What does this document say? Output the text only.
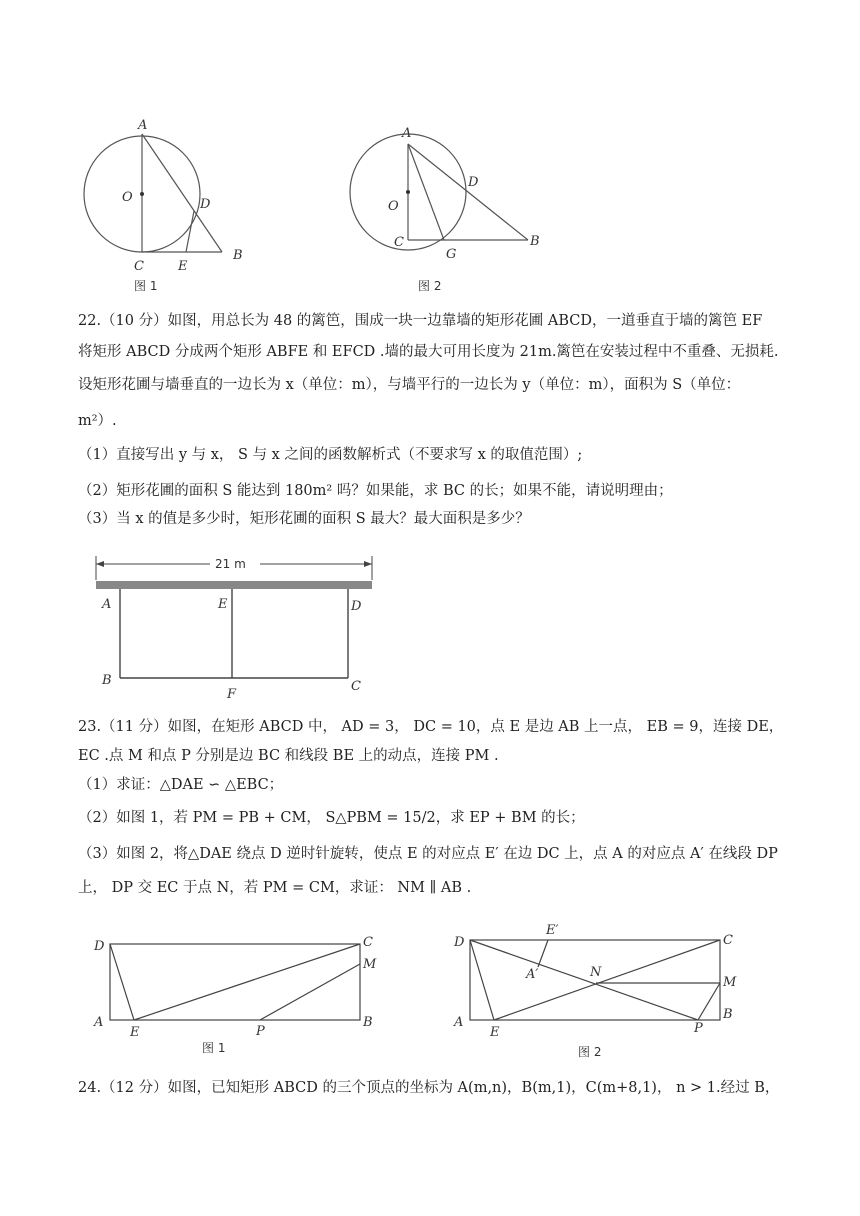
A
O	D
C	E
B
图 1
A
O
D
C
G
B
图 2
22.（10 分）如图，用总长为 48 的篱笆，围成一块一边靠墙的矩形花圃 ABCD，一道垂直于墙的篱笆 EF
将矩形 ABCD 分成两个矩形 ABFE 和 EFCD .墙的最大可用长度为 21m.篱笆在安装过程中不重叠、无损耗.
设矩形花圃与墙垂直的一边长为 x（单位：m），与墙平行的一边长为 y（单位：m），面积为 S（单位：
m²）.
（1）直接写出 y 与 x， S 与 x 之间的函数解析式（不要求写 x 的取值范围）;
（2）矩形花圃的面积 S 能达到 180m² 吗？如果能，求 BC 的长；如果不能，请说明理由；
（3）当 x 的值是多少时，矩形花圃的面积 S 最大？最大面积是多少？
21 m
A	E	D
B
F
C
23.（11 分）如图，在矩形 ABCD 中， AD = 3， DC = 10，点 E 是边 AB 上一点， EB = 9，连接 DE，
EC .点 M 和点 P 分别是边 BC 和线段 BE 上的动点，连接 PM .
（1）求证：△DAE ∽ △EBC；
（2）如图 1，若 PM = PB + CM， S△PBM = 15/2，求 EP + BM 的长；
（3）如图 2，将△DAE 绕点 D 逆时针旋转，使点 E 的对应点 E′ 在边 DC 上，点 A 的对应点 A′ 在线段 DP
上， DP 交 EC 于点 N，若 PM = CM，求证： NM ∥ AB .
D	C
M
A
E	P
B
图 1
D
E′
C
A′	N
M
A
E	P
B
图 2
24.（12 分）如图，已知矩形 ABCD 的三个顶点的坐标为 A(m,n)，B(m,1)，C(m+8,1)， n > 1.经过 B，
